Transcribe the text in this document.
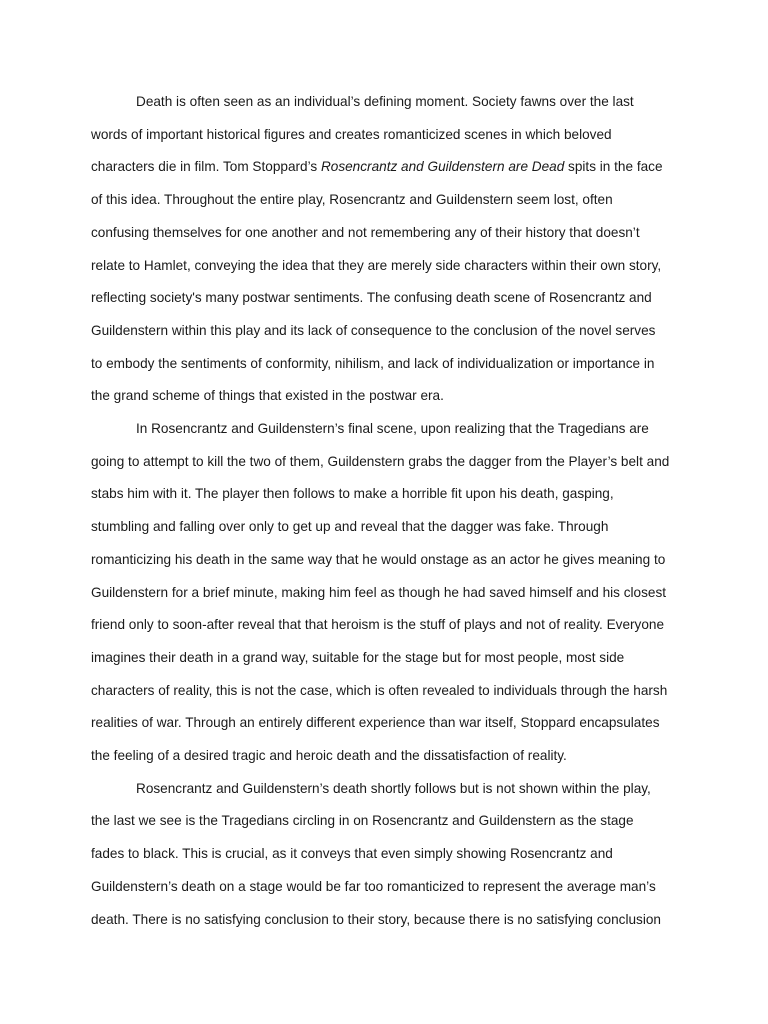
Death is often seen as an individual’s defining moment. Society fawns over the last
words of important historical figures and creates romanticized scenes in which beloved
characters die in film. Tom Stoppard’s Rosencrantz and Guildenstern are Dead spits in the face
of this idea. Throughout the entire play, Rosencrantz and Guildenstern seem lost, often
confusing themselves for one another and not remembering any of their history that doesn’t
relate to Hamlet, conveying the idea that they are merely side characters within their own story,
reflecting society's many postwar sentiments. The confusing death scene of Rosencrantz and
Guildenstern within this play and its lack of consequence to the conclusion of the novel serves
to embody the sentiments of conformity, nihilism, and lack of individualization or importance in
the grand scheme of things that existed in the postwar era.

In Rosencrantz and Guildenstern’s final scene, upon realizing that the Tragedians are
going to attempt to kill the two of them, Guildenstern grabs the dagger from the Player’s belt and
stabs him with it. The player then follows to make a horrible fit upon his death, gasping,
stumbling and falling over only to get up and reveal that the dagger was fake. Through
romanticizing his death in the same way that he would onstage as an actor he gives meaning to
Guildenstern for a brief minute, making him feel as though he had saved himself and his closest
friend only to soon-after reveal that that heroism is the stuff of plays and not of reality. Everyone
imagines their death in a grand way, suitable for the stage but for most people, most side
characters of reality, this is not the case, which is often revealed to individuals through the harsh
realities of war. Through an entirely different experience than war itself, Stoppard encapsulates
the feeling of a desired tragic and heroic death and the dissatisfaction of reality.

Rosencrantz and Guildenstern’s death shortly follows but is not shown within the play,
the last we see is the Tragedians circling in on Rosencrantz and Guildenstern as the stage
fades to black. This is crucial, as it conveys that even simply showing Rosencrantz and
Guildenstern’s death on a stage would be far too romanticized to represent the average man’s
death. There is no satisfying conclusion to their story, because there is no satisfying conclusion
